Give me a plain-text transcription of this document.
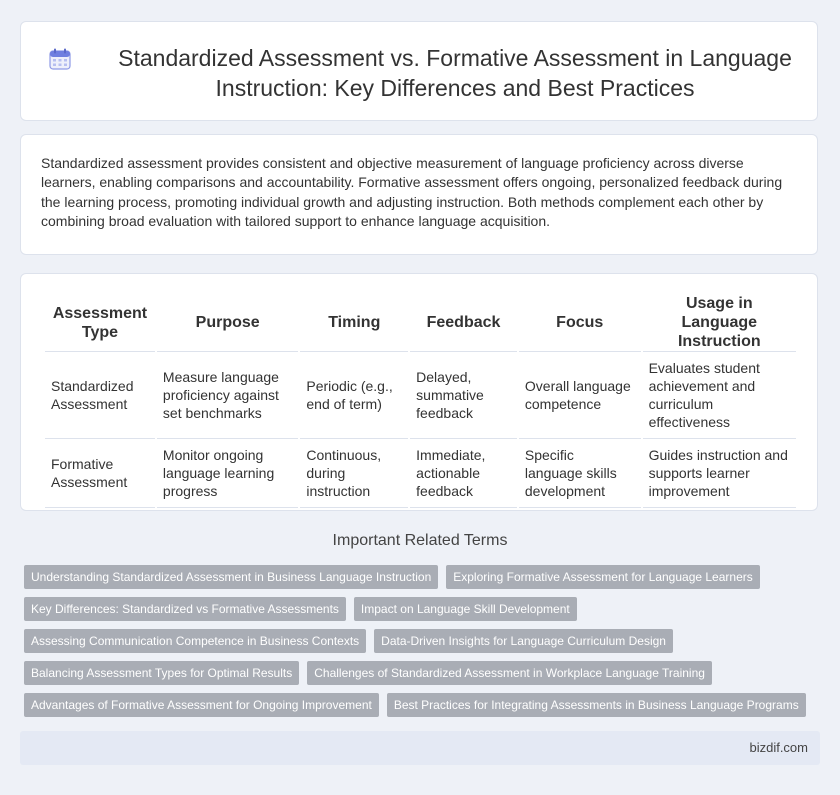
Standardized Assessment vs. Formative Assessment in Language Instruction: Key Differences and Best Practices
Standardized assessment provides consistent and objective measurement of language proficiency across diverse learners, enabling comparisons and accountability. Formative assessment offers ongoing, personalized feedback during the learning process, promoting individual growth and adjusting instruction. Both methods complement each other by combining broad evaluation with tailored support to enhance language acquisition.
Assessment Type	Purpose	Timing	Feedback	Focus	Usage in Language Instruction
Standardized Assessment	Measure language proficiency against set benchmarks	Periodic (e.g., end of term)	Delayed, summative feedback	Overall language competence	Evaluates student achievement and curriculum effectiveness
Formative Assessment	Monitor ongoing language learning progress	Continuous, during instruction	Immediate, actionable feedback	Specific language skills development	Guides instruction and supports learner improvement
Important Related Terms
Understanding Standardized Assessment in Business Language Instruction	Exploring Formative Assessment for Language Learners
Key Differences: Standardized vs Formative Assessments	Impact on Language Skill Development
Assessing Communication Competence in Business Contexts	Data-Driven Insights for Language Curriculum Design
Balancing Assessment Types for Optimal Results	Challenges of Standardized Assessment in Workplace Language Training
Advantages of Formative Assessment for Ongoing Improvement	Best Practices for Integrating Assessments in Business Language Programs
bizdif.com
